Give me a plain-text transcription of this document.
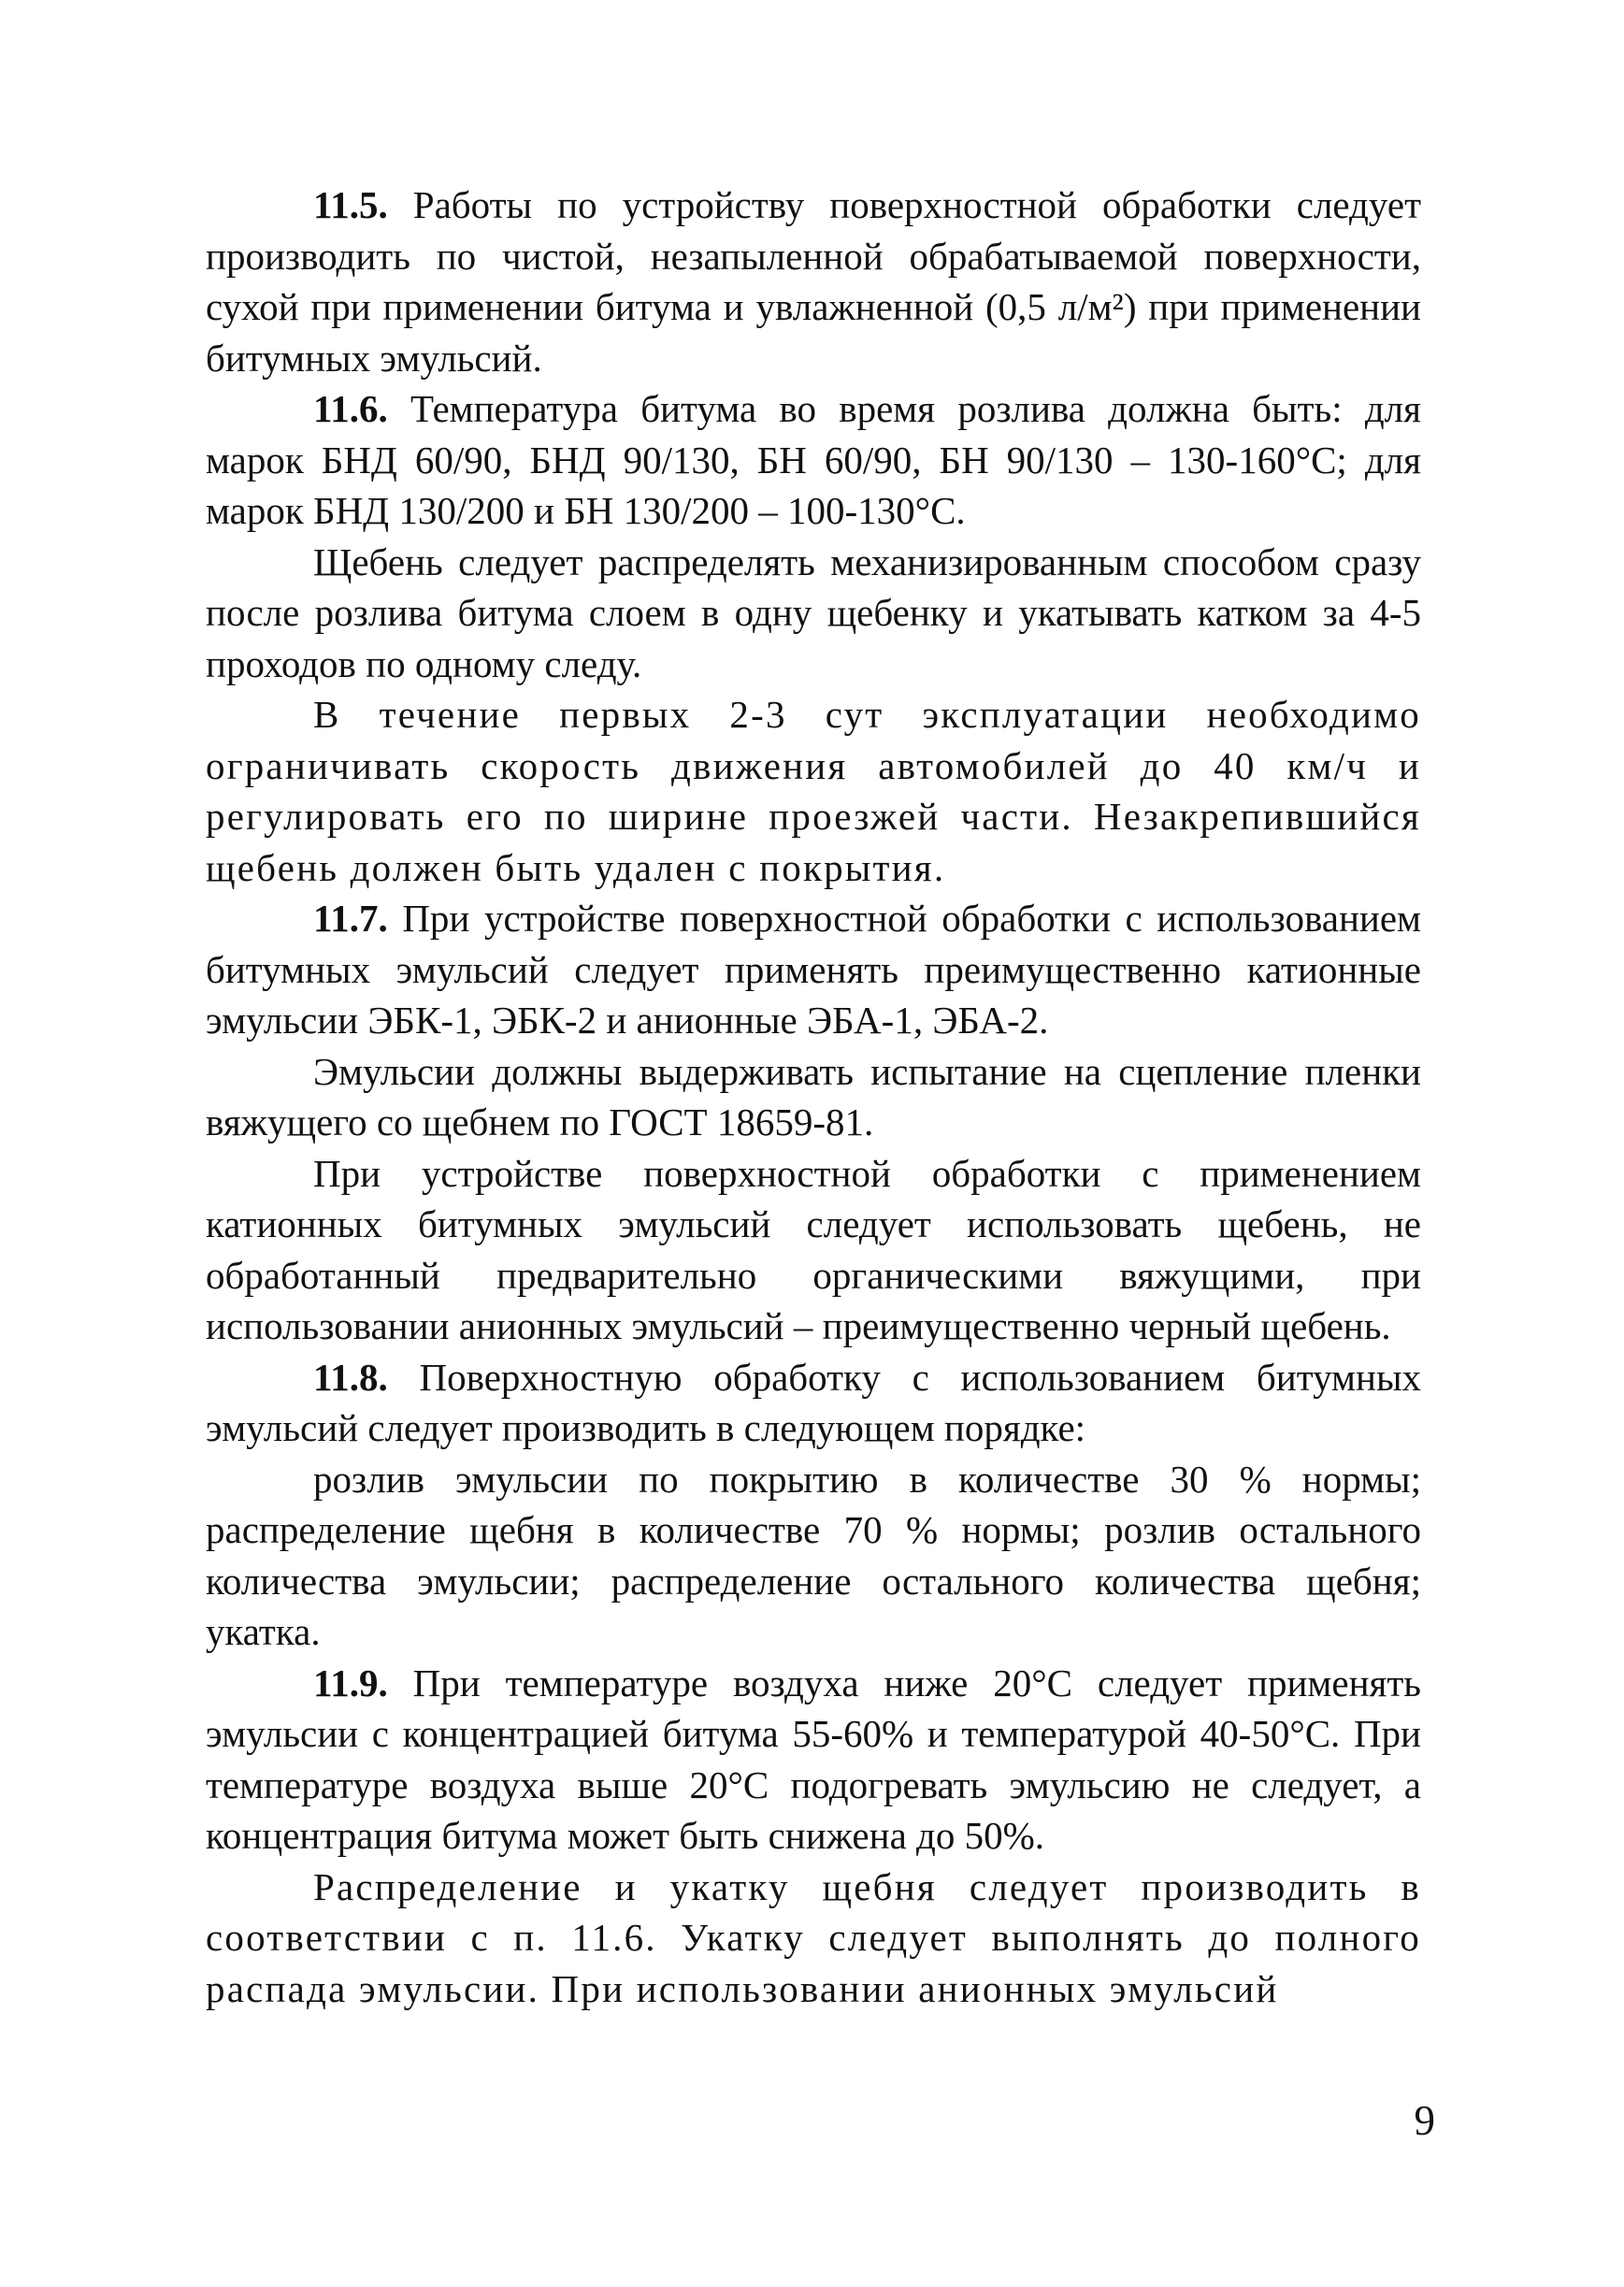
11.5. Работы по устройству поверхностной обработки следует производить по чистой, незапыленной обрабатываемой поверхности, сухой при применении битума и увлажненной (0,5 л/м²) при применении битумных эмульсий.

11.6. Температура битума во время розлива должна быть: для марок БНД 60/90, БНД 90/130, БН 60/90, БН 90/130 – 130-160°С; для марок БНД 130/200 и БН 130/200 – 100-130°С.

Щебень следует распределять механизированным способом сразу после розлива битума слоем в одну щебенку и укатывать катком за 4-5 проходов по одному следу.

В течение первых 2-3 сут эксплуатации необходимо ограничивать скорость движения автомобилей до 40 км/ч и регулировать его по ширине проезжей части. Незакрепившийся щебень должен быть удален с покрытия.

11.7. При устройстве поверхностной обработки с использованием битумных эмульсий следует применять преимущественно катионные эмульсии ЭБК-1, ЭБК-2 и анионные ЭБА-1, ЭБА-2.

Эмульсии должны выдерживать испытание на сцепление пленки вяжущего со щебнем по ГОСТ 18659-81.

При устройстве поверхностной обработки с применением катионных битумных эмульсий следует использовать щебень, не обработанный предварительно органическими вяжущими, при использовании анионных эмульсий – преимущественно черный щебень.

11.8. Поверхностную обработку с использованием битумных эмульсий следует производить в следующем порядке:

розлив эмульсии по покрытию в количестве 30 % нормы; распределение щебня в количестве 70 % нормы; розлив остального количества эмульсии; распределение остального количества щебня; укатка.

11.9. При температуре воздуха ниже 20°С следует применять эмульсии с концентрацией битума 55-60% и температурой 40-50°С. При температуре воздуха выше 20°С подогревать эмульсию не следует, а концентрация битума может быть снижена до 50%.

Распределение и укатку щебня следует производить в соответствии с п. 11.6. Укатку следует выполнять до полного распада эмульсии. При использовании анионных эмульсий

9
